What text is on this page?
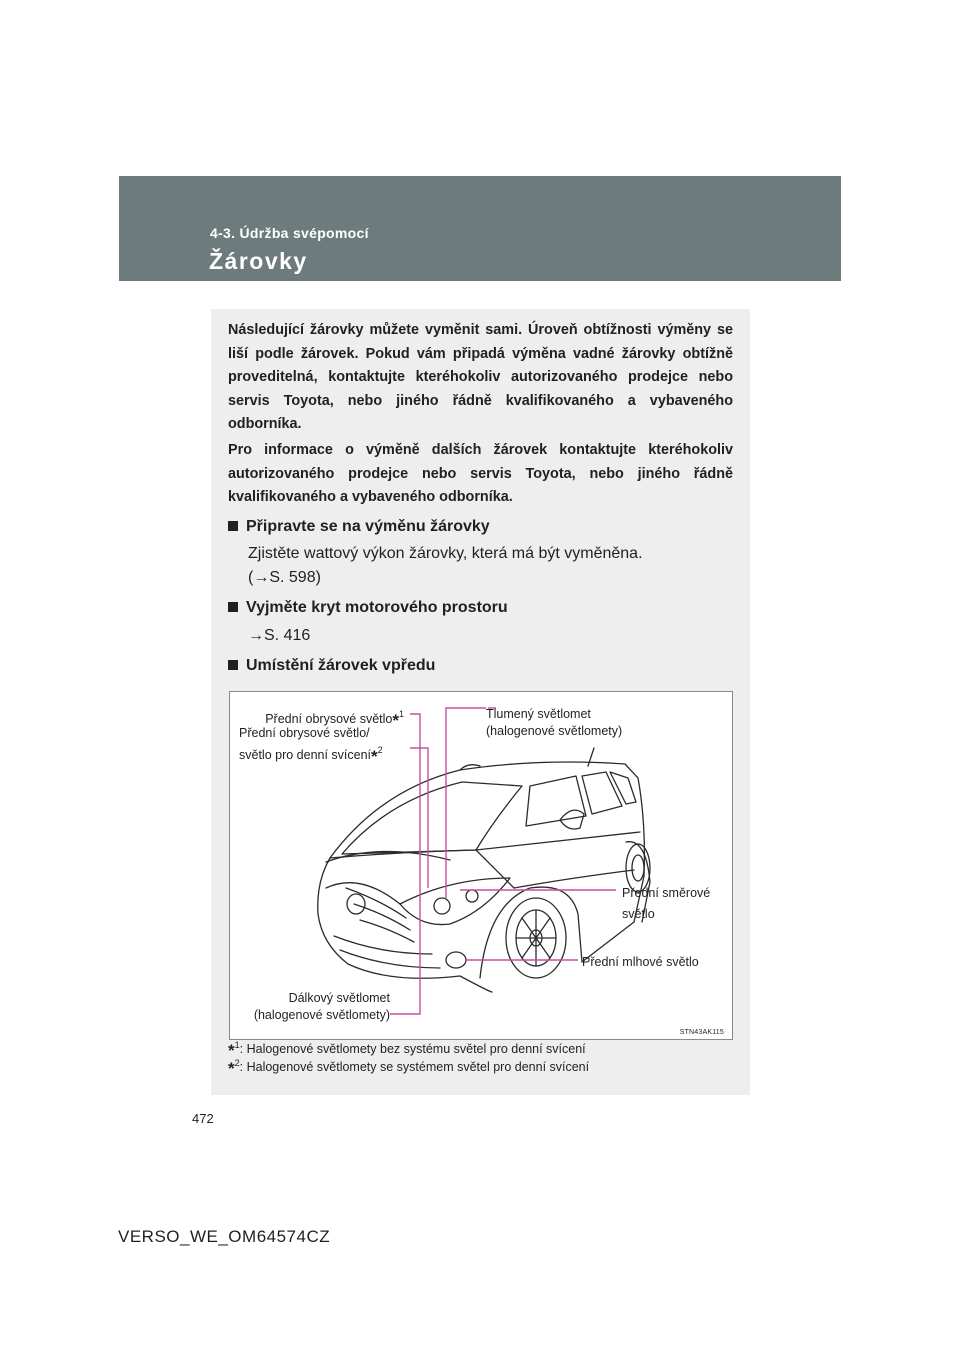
4-3. Údržba svépomocí
Žárovky

Následující žárovky můžete vyměnit sami. Úroveň obtížnosti výměny se liší podle žárovek. Pokud vám připadá výměna vadné žárovky obtížně proveditelná, kontaktujte kteréhokoliv autorizovaného prodejce nebo servis Toyota, nebo jiného řádně kvalifikovaného a vybaveného odborníka.

Pro informace o výměně dalších žárovek kontaktujte kteréhokoliv autorizovaného prodejce nebo servis Toyota, nebo jiného řádně kvalifikovaného a vybaveného odborníka.

Připravte se na výměnu žárovky
Zjistěte wattový výkon žárovky, která má být vyměněna.
(→S. 598)
Vyjměte kryt motorového prostoru
→S. 416
Umístění žárovek vpředu
Přední obrysové světlo*$^1$
Přední obrysové světlo/
světlo pro denní svícení*$^2$
Tlumený světlomet
(halogenové světlomety)
Přední směrové
světlo
Přední mlhové světlo
Dálkový světlomet
(halogenové světlomety)
STN43AK115
*$^1$: Halogenové světlomety bez systému světel pro denní svícení
*$^2$: Halogenové světlomety se systémem světel pro denní svícení
472
VERSO_WE_OM64574CZ
